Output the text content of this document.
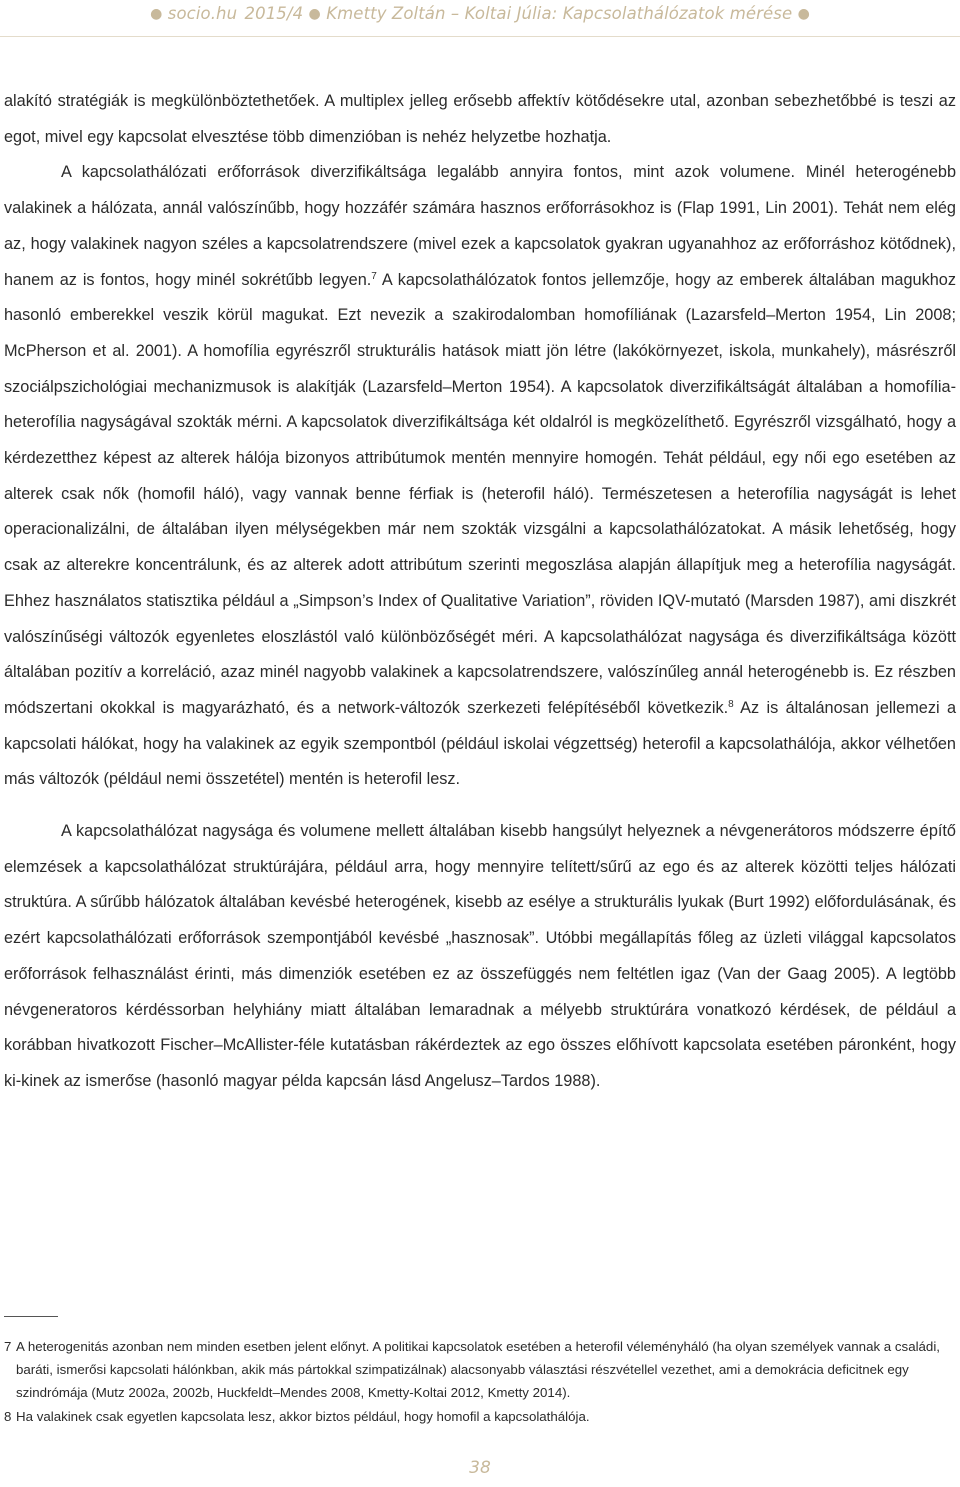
● socio.hu 2015/4 ● Kmetty Zoltán – Koltai Júlia: Kapcsolathálózatok mérése ●

alakító stratégiák is megkülönböztethetőek. A multiplex jelleg erősebb affektív kötődésekre utal, azonban sebezhetőbbé is teszi az egot, mivel egy kapcsolat elvesztése több dimenzióban is nehéz helyzetbe hozhatja.

A kapcsolathálózati erőforrások diverzifikáltsága legalább annyira fontos, mint azok volumene. Minél heterogénebb valakinek a hálózata, annál valószínűbb, hogy hozzáfér számára hasznos erőforrásokhoz is (Flap 1991, Lin 2001). Tehát nem elég az, hogy valakinek nagyon széles a kapcsolatrendszere (mivel ezek a kapcsolatok gyakran ugyanahhoz az erőforráshoz kötődnek), hanem az is fontos, hogy minél sokrétűbb legyen.$^7$ A kapcsolathálózatok fontos jellemzője, hogy az emberek általában magukhoz hasonló emberekkel veszik körül magukat. Ezt nevezik a szakirodalomban homofíliának (Lazarsfeld–Merton 1954, Lin 2008; McPherson et al. 2001). A homofília egyrészről strukturális hatások miatt jön létre (lakókörnyezet, iskola, munkahely), másrészről szociálpszichológiai mechanizmusok is alakítják (Lazarsfeld–Merton 1954). A kapcsolatok diverzifikáltságát általában a homofília-heterofília nagyságával szokták mérni. A kapcsolatok diverzifikáltsága két oldalról is megközelíthető. Egyrészről vizsgálható, hogy a kérdezetthez képest az alterek hálója bizonyos attribútumok mentén mennyire homogén. Tehát például, egy női ego esetében az alterek csak nők (homofil háló), vagy vannak benne férfiak is (heterofil háló). Természetesen a heterofília nagyságát is lehet operacionalizálni, de általában ilyen mélységekben már nem szokták vizsgálni a kapcsolathálózatokat. A másik lehetőség, hogy csak az alterekre koncentrálunk, és az alterek adott attribútum szerinti megoszlása alapján állapítjuk meg a heterofília nagyságát. Ehhez használatos statisztika például a „Simpson’s Index of Qualitative Variation”, röviden IQV-mutató (Marsden 1987), ami diszkrét valószínűségi változók egyenletes eloszlástól való különbözőségét méri. A kapcsolathálózat nagysága és diverzifikáltsága között általában pozitív a korreláció, azaz minél nagyobb valakinek a kapcsolatrendszere, valószínűleg annál heterogénebb is. Ez részben módszertani okokkal is magyarázható, és a network-változók szerkezeti felépítéséből következik.$^8$ Az is általánosan jellemezi a kapcsolati hálókat, hogy ha valakinek az egyik szempontból (például iskolai végzettség) heterofil a kapcsolathálója, akkor vélhetően más változók (például nemi összetétel) mentén is heterofil lesz.

A kapcsolathálózat nagysága és volumene mellett általában kisebb hangsúlyt helyeznek a névgenerátoros módszerre építő elemzések a kapcsolathálózat struktúrájára, például arra, hogy mennyire telített/sűrű az ego és az alterek közötti teljes hálózati struktúra. A sűrűbb hálózatok általában kevésbé heterogének, kisebb az esélye a strukturális lyukak (Burt 1992) előfordulásának, és ezért kapcsolathálózati erőforrások szempontjából kevésbé „hasznosak”. Utóbbi megállapítás főleg az üzleti világgal kapcsolatos erőforrások felhasználást érinti, más dimenziók esetében ez az összefüggés nem feltétlen igaz (Van der Gaag 2005). A legtöbb névgeneratoros kérdéssorban helyhiány miatt általában lemaradnak a mélyebb struktúrára vonatkozó kérdések, de például a korábban hivatkozott Fischer–McAllister-féle kutatásban rákérdeztek az ego összes előhívott kapcsolata esetében páronként, hogy ki-kinek az ismerőse (hasonló magyar példa kapcsán lásd Angelusz–Tardos 1988).

7 A heterogenitás azonban nem minden esetben jelent előnyt. A politikai kapcsolatok esetében a heterofil véleményháló (ha olyan személyek vannak a családi, baráti, ismerősi kapcsolati hálónkban, akik más pártokkal szimpatizálnak) alacsonyabb választási részvétellel vezethet, ami a demokrácia deficitnek egy szindrómája (Mutz 2002a, 2002b, Huckfeldt–Mendes 2008, Kmetty-Koltai 2012, Kmetty 2014).
8 Ha valakinek csak egyetlen kapcsolata lesz, akkor biztos például, hogy homofil a kapcsolathálója.
38
